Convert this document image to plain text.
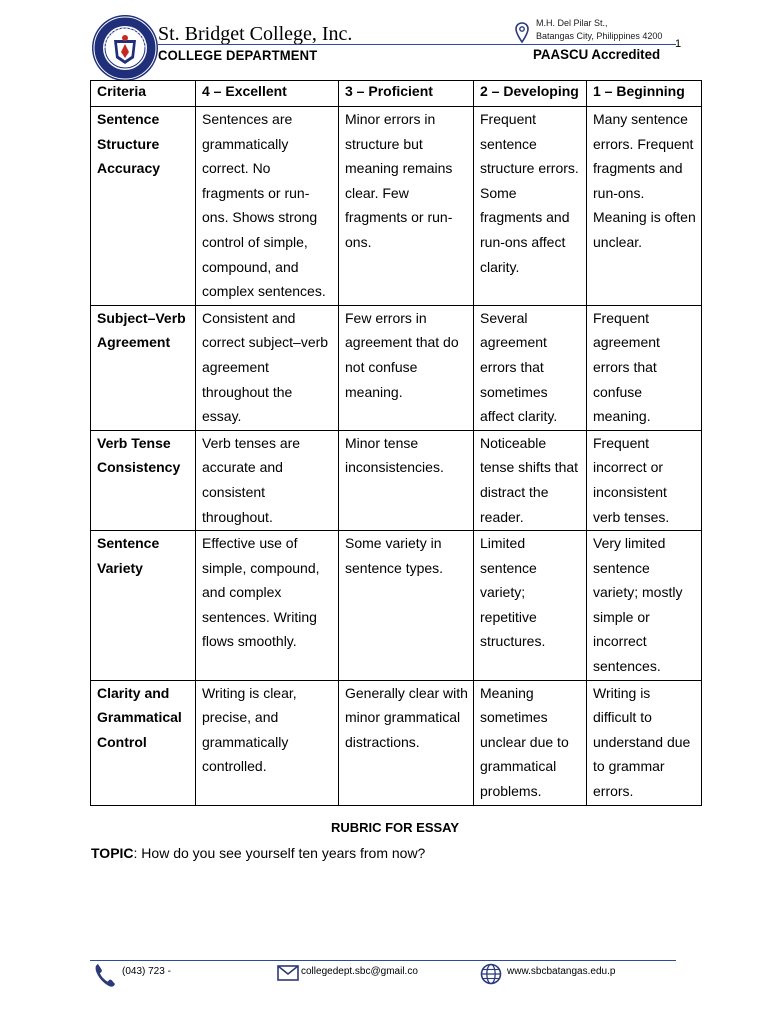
St. Bridget College, Inc.
COLLEGE DEPARTMENT
M.H. Del Pilar St.,
Batangas City, Philippines 4200
PAASCU Accredited
1
Criteria	4 – Excellent	3 – Proficient	2 – Developing	1 – Beginning
Sentence Structure Accuracy	Sentences are grammatically correct. No fragments or run-ons. Shows strong control of simple, compound, and complex sentences.	Minor errors in structure but meaning remains clear. Few fragments or run-ons.	Frequent sentence structure errors. Some fragments and run-ons affect clarity.	Many sentence errors. Frequent fragments and run-ons. Meaning is often unclear.
Subject–Verb Agreement	Consistent and correct subject–verb agreement throughout the essay.	Few errors in agreement that do not confuse meaning.	Several agreement errors that sometimes affect clarity.	Frequent agreement errors that confuse meaning.
Verb Tense Consistency	Verb tenses are accurate and consistent throughout.	Minor tense inconsistencies.	Noticeable tense shifts that distract the reader.	Frequent incorrect or inconsistent verb tenses.
Sentence Variety	Effective use of simple, compound, and complex sentences. Writing flows smoothly.	Some variety in sentence types.	Limited sentence variety; repetitive structures.	Very limited sentence variety; mostly simple or incorrect sentences.
Clarity and Grammatical Control	Writing is clear, precise, and grammatically controlled.	Generally clear with minor grammatical distractions.	Meaning sometimes unclear due to grammatical problems.	Writing is difficult to understand due to grammar errors.
RUBRIC FOR ESSAY
TOPIC: How do you see yourself ten years from now?
(043) 723 -	collegedept.sbc@gmail.co	www.sbcbatangas.edu.p
